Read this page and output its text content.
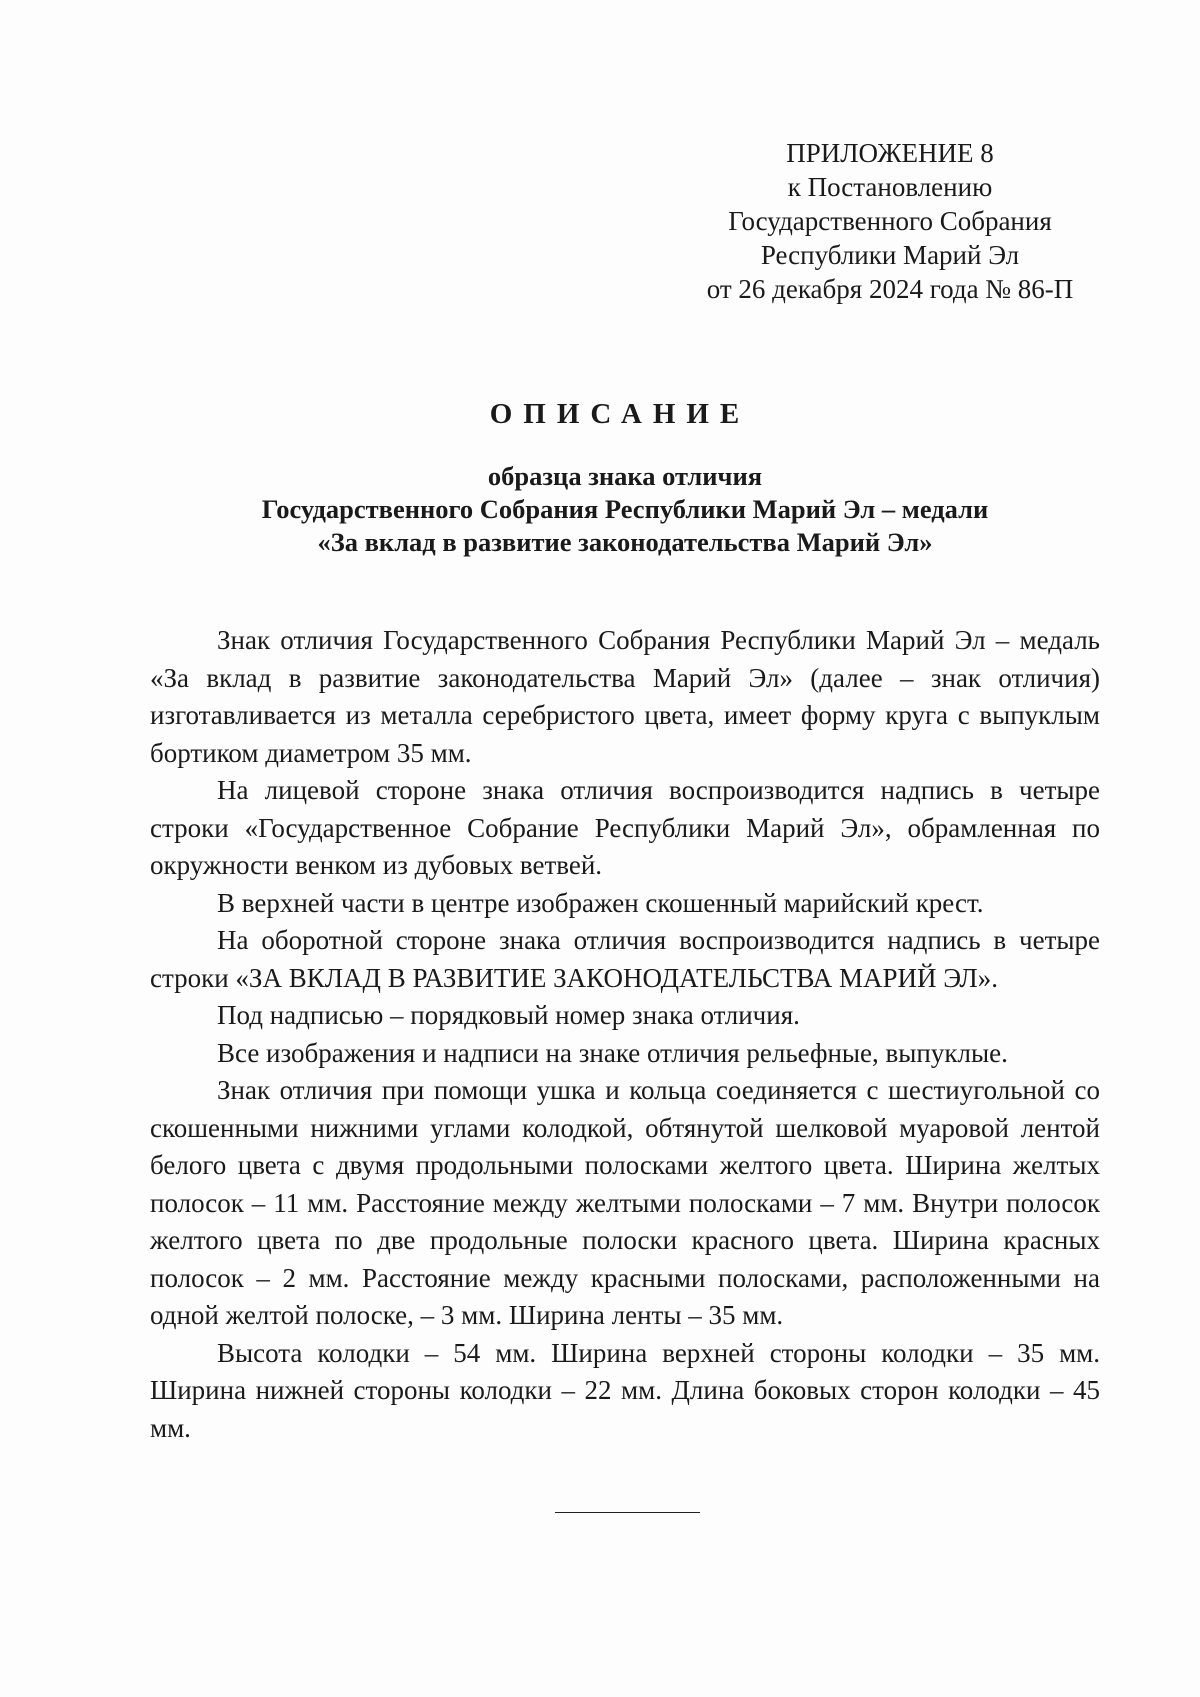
ПРИЛОЖЕНИЕ 8
к Постановлению
Государственного Собрания
Республики Марий Эл
от 26 декабря 2024 года № 86-П
ОПИСАНИЕ
образца знака отличия
Государственного Собрания Республики Марий Эл – медали
«За вклад в развитие законодательства Марий Эл»

Знак отличия Государственного Собрания Республики Марий Эл – медаль «За вклад в развитие законодательства Марий Эл» (далее – знак отличия) изготавливается из металла серебристого цвета, имеет форму круга с выпуклым бортиком диаметром 35 мм.

На лицевой стороне знака отличия воспроизводится надпись в четыре строки «Государственное Собрание Республики Марий Эл», обрамленная по окружности венком из дубовых ветвей.

В верхней части в центре изображен скошенный марийский крест.

На оборотной стороне знака отличия воспроизводится надпись в четыре строки «ЗА ВКЛАД В РАЗВИТИЕ ЗАКОНОДАТЕЛЬСТВА МАРИЙ ЭЛ».

Под надписью – порядковый номер знака отличия.

Все изображения и надписи на знаке отличия рельефные, выпуклые.

Знак отличия при помощи ушка и кольца соединяется с шестиугольной со скошенными нижними углами колодкой, обтянутой шелковой муаровой лентой белого цвета с двумя продольными полосками желтого цвета. Ширина желтых полосок – 11 мм. Расстояние между желтыми полосками – 7 мм. Внутри полосок желтого цвета по две продольные полоски красного цвета. Ширина красных полосок – 2 мм. Расстояние между красными полосками, расположенными на одной желтой полоске, – 3 мм. Ширина ленты – 35 мм.

Высота колодки – 54 мм. Ширина верхней стороны колодки – 35 мм. Ширина нижней стороны колодки – 22 мм. Длина боковых сторон колодки – 45 мм.
